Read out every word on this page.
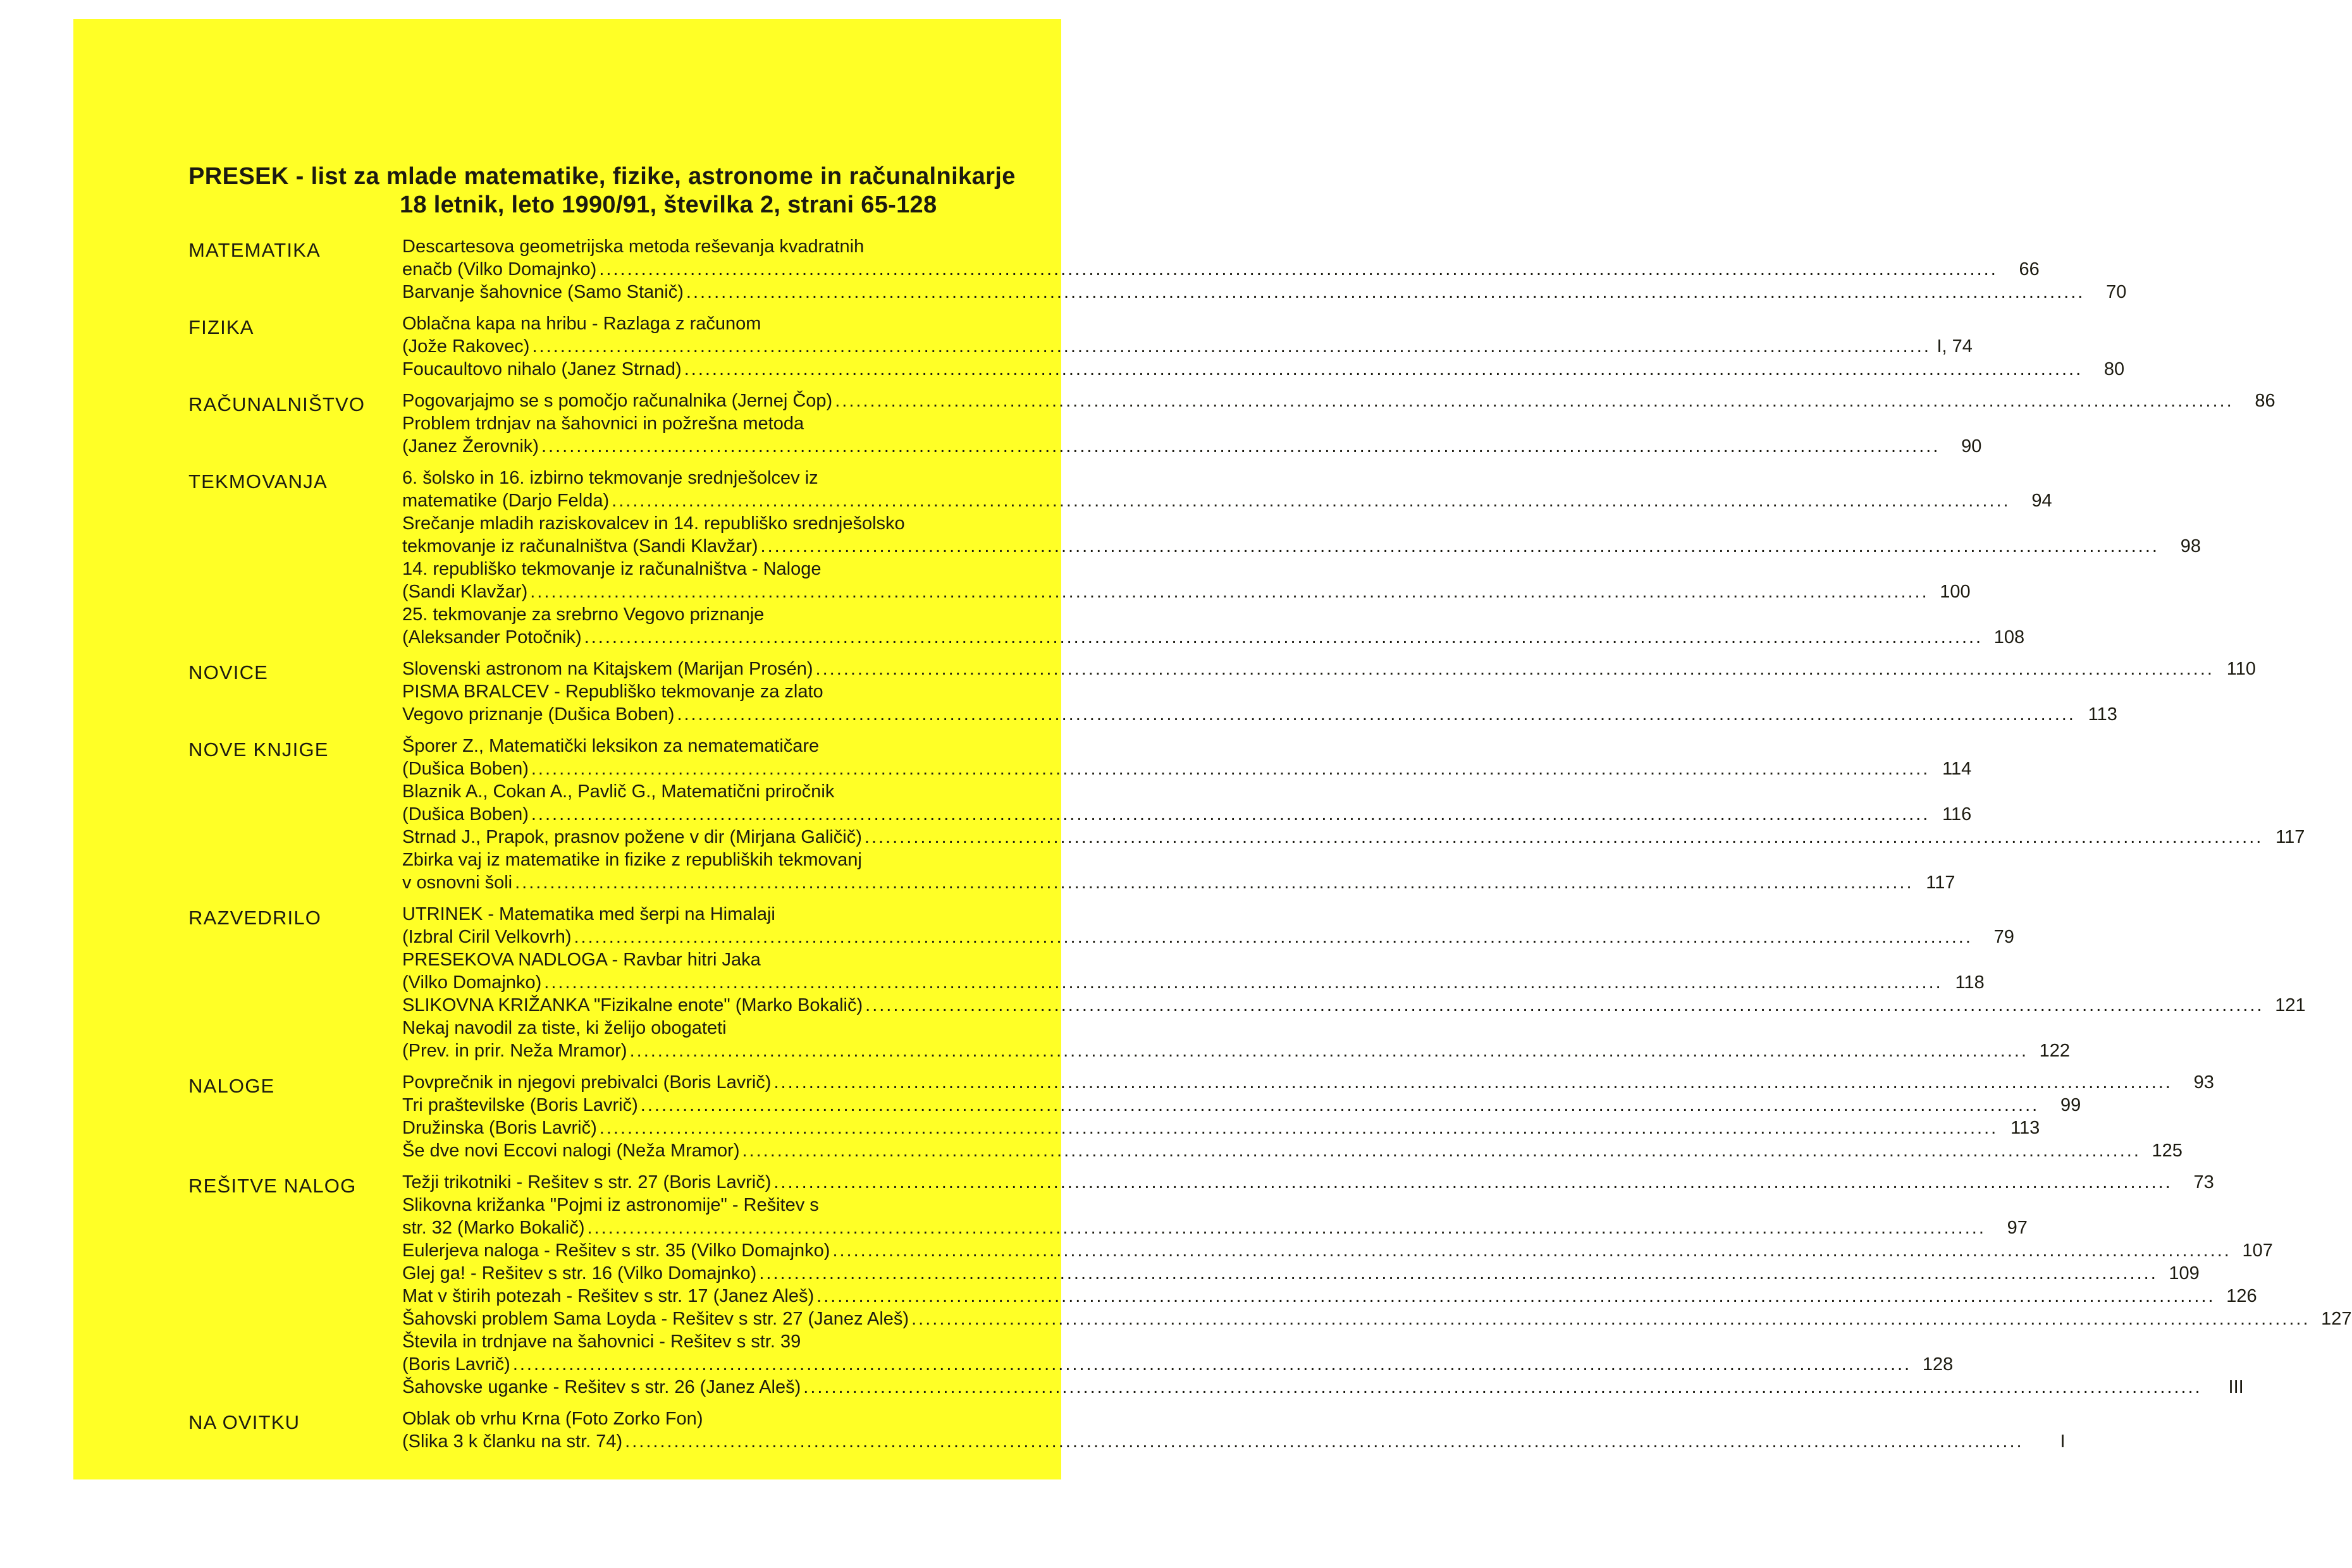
PRESEK - list za mlade matematike, fizike, astronome in računalnikarje
18 letnik, leto 1990/91, številka 2, strani 65-128
MATEMATIKA	Descartesova geometrijska metoda reševanja kvadratnih
enačb (Vilko Domajnko) ........................................................................................................................................................................................................	66
Barvanje šahovnice (Samo Stanič) ........................................................................................................................................................................................................	70
FIZIKA	Oblačna kapa na hribu - Razlaga z računom
(Jože Rakovec) ........................................................................................................................................................................................................ I, 74
Foucaultovo nihalo (Janez Strnad) ........................................................................................................................................................................................................	80
RAČUNALNIŠTVO Pogovarjajmo se s pomočjo računalnika (Jernej Čop) ........................................................................................................................................................................................................	86
Problem trdnjav na šahovnici in požrešna metoda
(Janez Žerovnik) ........................................................................................................................................................................................................	90
TEKMOVANJA	6. šolsko in 16. izbirno tekmovanje srednješolcev iz
matematike (Darjo Felda) ........................................................................................................................................................................................................	94
Srečanje mladih raziskovalcev in 14. republiško srednješolsko
tekmovanje iz računalništva (Sandi Klavžar) ........................................................................................................................................................................................................	98
14. republiško tekmovanje iz računalništva - Naloge
(Sandi Klavžar) ........................................................................................................................................................................................................ 100
25. tekmovanje za srebrno Vegovo priznanje
(Aleksander Potočnik) ........................................................................................................................................................................................................ 108
NOVICE	Slovenski astronom na Kitajskem (Marijan Prosén) ........................................................................................................................................................................................................ 110
PISMA BRALCEV - Republiško tekmovanje za zlato
Vegovo priznanje (Dušica Boben) ........................................................................................................................................................................................................ 113
NOVE KNJIGE	Šporer Z., Matematički leksikon za nematematičare
(Dušica Boben) ........................................................................................................................................................................................................ 114
Blaznik A., Cokan A., Pavlič G., Matematični priročnik
(Dušica Boben) ........................................................................................................................................................................................................ 116
Strnad J., Prapok, prasnov požene v dir (Mirjana Galičič) ........................................................................................................................................................................................................ 117
Zbirka vaj iz matematike in fizike z republiških tekmovanj
v osnovni šoli ........................................................................................................................................................................................................ 117
RAZVEDRILO	UTRINEK - Matematika med šerpi na Himalaji
(Izbral Ciril Velkovrh) ........................................................................................................................................................................................................	79
PRESEKOVA NADLOGA - Ravbar hitri Jaka
(Vilko Domajnko) ........................................................................................................................................................................................................ 118
SLIKOVNA KRIŽANKA "Fizikalne enote" (Marko Bokalič) ........................................................................................................................................................................................................ 121
Nekaj navodil za tiste, ki želijo obogateti
(Prev. in prir. Neža Mramor) ........................................................................................................................................................................................................ 122
NALOGE	Povprečnik in njegovi prebivalci (Boris Lavrič) ........................................................................................................................................................................................................	93
Tri praštevilske (Boris Lavrič) ........................................................................................................................................................................................................	99
Družinska (Boris Lavrič) ........................................................................................................................................................................................................ 113
Še dve novi Eccovi nalogi (Neža Mramor) ........................................................................................................................................................................................................ 125
REŠITVE NALOG	Težji trikotniki - Rešitev s str. 27 (Boris Lavrič) ........................................................................................................................................................................................................	73
Slikovna križanka "Pojmi iz astronomije" - Rešitev s
str. 32 (Marko Bokalič) ........................................................................................................................................................................................................	97
Eulerjeva naloga - Rešitev s str. 35 (Vilko Domajnko) ........................................................................................................................................................................................................ 107
Glej ga! - Rešitev s str. 16 (Vilko Domajnko) ........................................................................................................................................................................................................ 109
Mat v štirih potezah - Rešitev s str. 17 (Janez Aleš) ........................................................................................................................................................................................................ 126
Šahovski problem Sama Loyda - Rešitev s str. 27 (Janez Aleš) ........................................................................................................................................................................................................ 127
Števila in trdnjave na šahovnici - Rešitev s str. 39
(Boris Lavrič) ........................................................................................................................................................................................................ 128
Šahovske uganke - Rešitev s str. 26 (Janez Aleš) ........................................................................................................................................................................................................	III
NA OVITKU	Oblak ob vrhu Krna (Foto Zorko Fon)
(Slika 3 k članku na str. 74) ........................................................................................................................................................................................................	I
